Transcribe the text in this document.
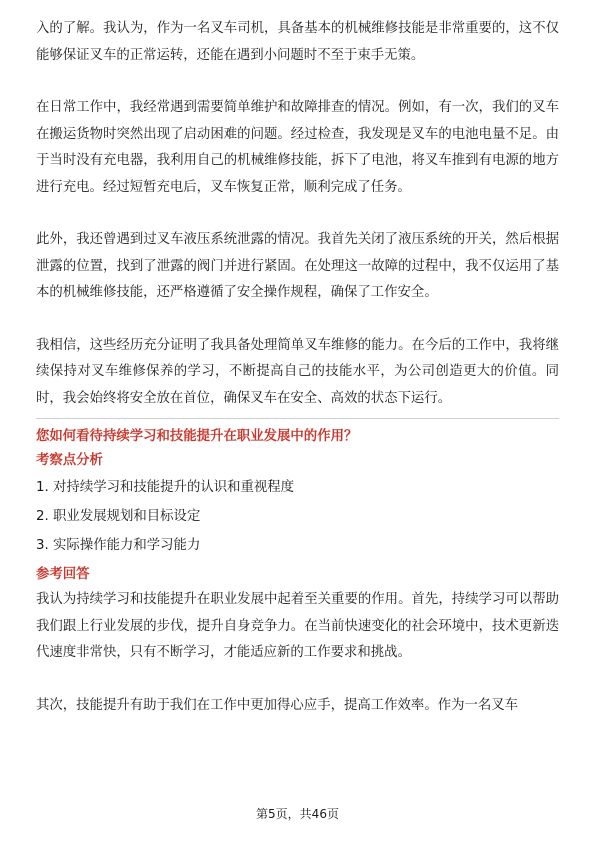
入的了解。我认为，作为一名叉车司机，具备基本的机械维修技能是非常重要的，这不仅能够保证叉车的正常运转，还能在遇到小问题时不至于束手无策。

在日常工作中，我经常遇到需要简单维护和故障排查的情况。例如，有一次，我们的叉车在搬运货物时突然出现了启动困难的问题。经过检查，我发现是叉车的电池电量不足。由于当时没有充电器，我利用自己的机械维修技能，拆下了电池，将叉车推到有电源的地方进行充电。经过短暂充电后，叉车恢复正常，顺利完成了任务。

此外，我还曾遇到过叉车液压系统泄露的情况。我首先关闭了液压系统的开关，然后根据泄露的位置，找到了泄露的阀门并进行紧固。在处理这一故障的过程中，我不仅运用了基本的机械维修技能，还严格遵循了安全操作规程，确保了工作安全。

我相信，这些经历充分证明了我具备处理简单叉车维修的能力。在今后的工作中，我将继续保持对叉车维修保养的学习，不断提高自己的技能水平，为公司创造更大的价值。同时，我会始终将安全放在首位，确保叉车在安全、高效的状态下运行。

您如何看待持续学习和技能提升在职业发展中的作用？

考察点分析

1. 对持续学习和技能提升的认识和重视程度

2. 职业发展规划和目标设定

3. 实际操作能力和学习能力

参考回答

我认为持续学习和技能提升在职业发展中起着至关重要的作用。首先，持续学习可以帮助我们跟上行业发展的步伐，提升自身竞争力。在当前快速变化的社会环境中，技术更新迭代速度非常快，只有不断学习，才能适应新的工作要求和挑战。

其次，技能提升有助于我们在工作中更加得心应手，提高工作效率。作为一名叉车

第5页，共46页
